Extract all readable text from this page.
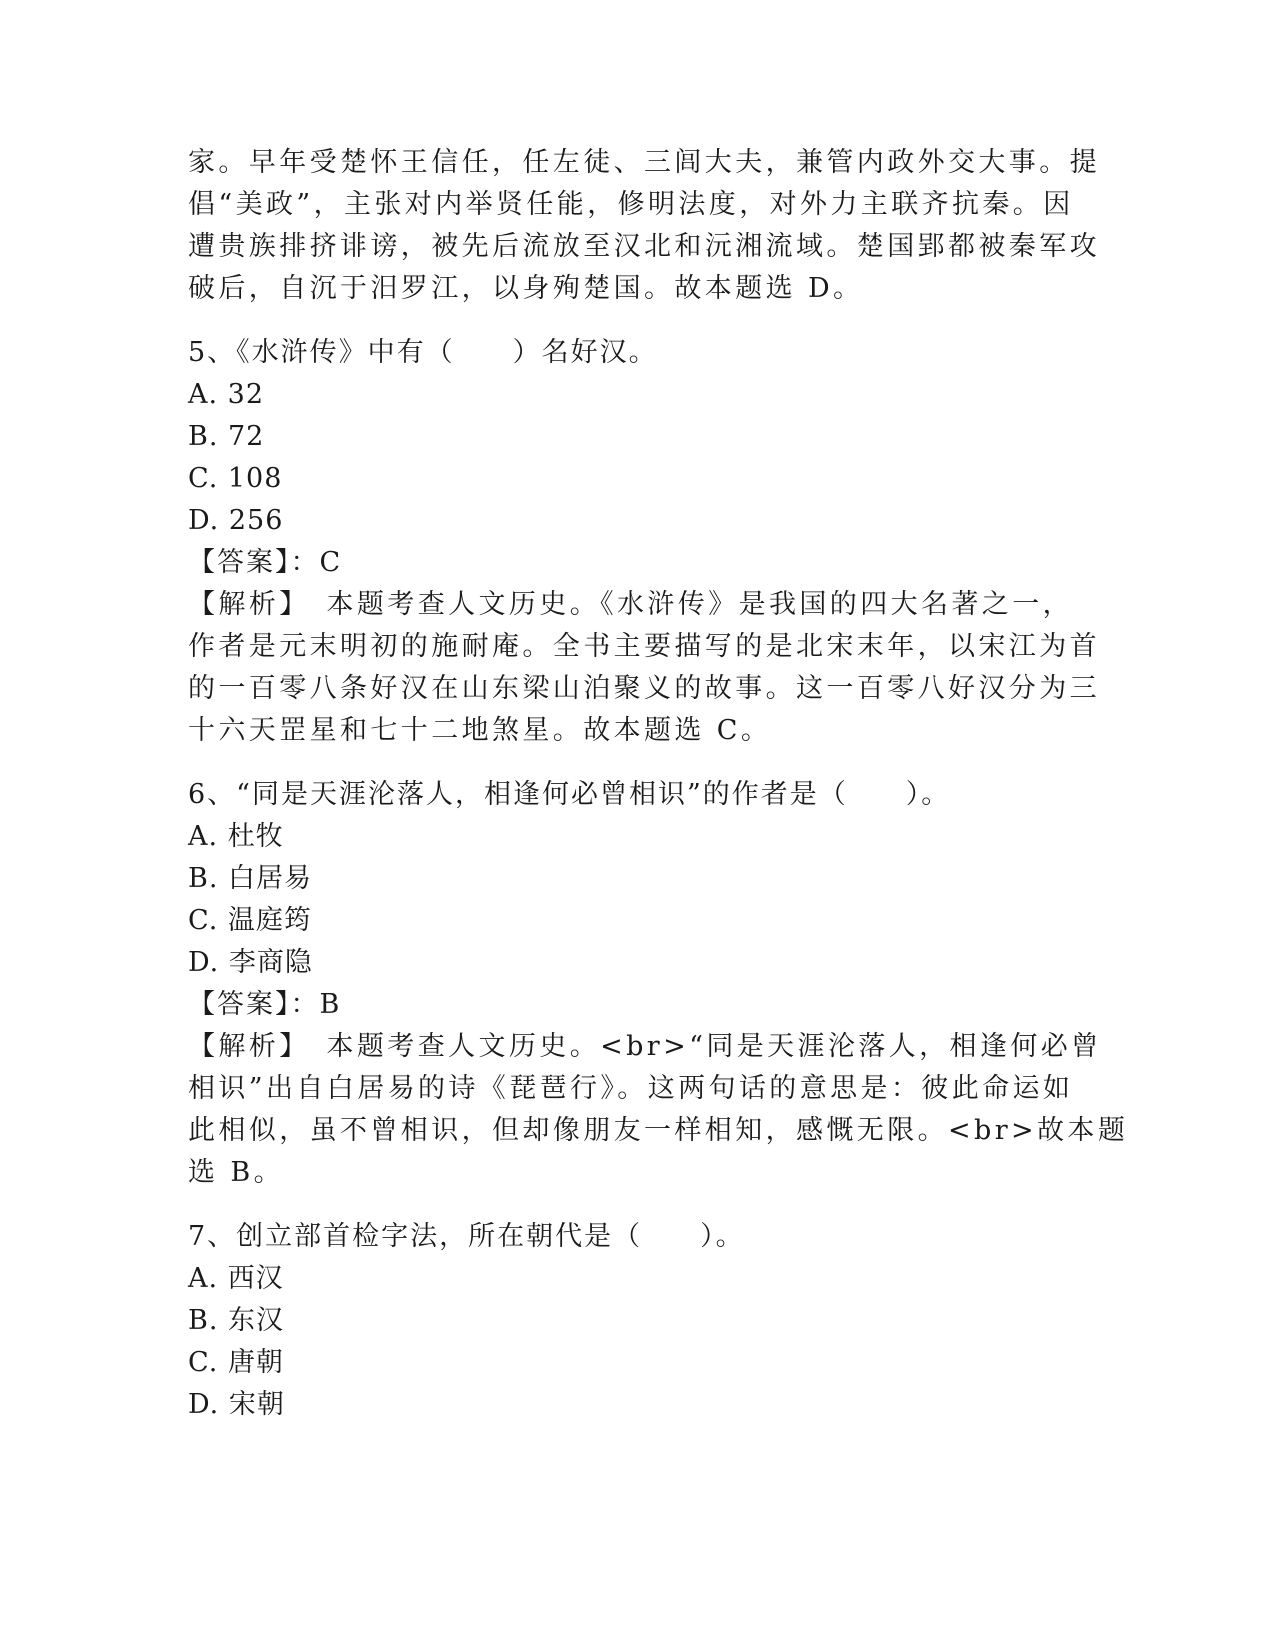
家。早年受楚怀王信任，任左徒、三闾大夫，兼管内政外交大事。提
倡“美政”，主张对内举贤任能，修明法度，对外力主联齐抗秦。因
遭贵族排挤诽谤，被先后流放至汉北和沅湘流域。楚国郢都被秦军攻
破后，自沉于汨罗江，以身殉楚国。故本题选 D。
5、《水浒传》中有（　　）名好汉。
A. 32
B. 72
C. 108
D. 256
【答案】：C
【解析】　本题考查人文历史。《水浒传》是我国的四大名著之一，
作者是元末明初的施耐庵。全书主要描写的是北宋末年，以宋江为首
的一百零八条好汉在山东梁山泊聚义的故事。这一百零八好汉分为三
十六天罡星和七十二地煞星。故本题选 C。
6、“同是天涯沦落人，相逢何必曾相识”的作者是（　　）。
A. 杜牧
B. 白居易
C. 温庭筠
D. 李商隐
【答案】：B
【解析】　本题考查人文历史。<br>“同是天涯沦落人，相逢何必曾
相识”出自白居易的诗《琵琶行》。这两句话的意思是：彼此命运如
此相似，虽不曾相识，但却像朋友一样相知，感慨无限。<br>故本题
选 B。
7、创立部首检字法，所在朝代是（　　）。
A. 西汉
B. 东汉
C. 唐朝
D. 宋朝
